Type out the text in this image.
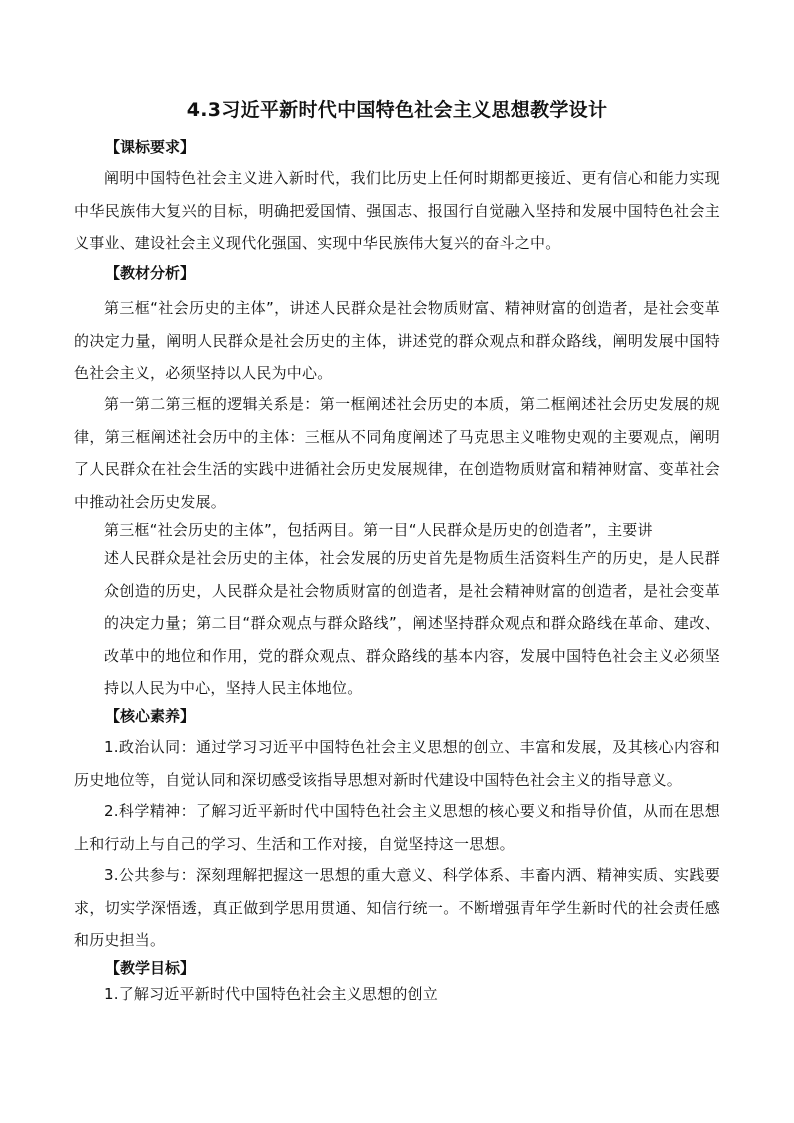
4.3习近平新时代中国特色社会主义思想教学设计
【课标要求】
阐明中国特色社会主义进入新时代，我们比历史上任何时期都更接近、更有信心和能力实现中华民族伟大复兴的目标，明确把爱国情、强国志、报国行自觉融入坚持和发展中国特色社会主义事业、建设社会主义现代化强国、实现中华民族伟大复兴的奋斗之中。
【教材分析】
第三框“社会历史的主体”，讲述人民群众是社会物质财富、精神财富的创造者，是社会变革的决定力量，阐明人民群众是社会历史的主体，讲述党的群众观点和群众路线，阐明发展中国特色社会主义，必须坚持以人民为中心。
第一第二第三框的逻辑关系是：第一框阐述社会历史的本质，第二框阐述社会历史发展的规律，第三框阐述社会历中的主体：三框从不同角度阐述了马克思主义唯物史观的主要观点，阐明了人民群众在社会生活的实践中进循社会历史发展规律，在创造物质财富和精神财富、变革社会中推动社会历史发展。
第三框“社会历史的主体”，包括两目。第一目“人民群众是历史的创造者”，主要讲
述人民群众是社会历史的主体，社会发展的历史首先是物质生活资料生产的历史，是人民群众创造的历史，人民群众是社会物质财富的创造者，是社会精神财富的创造者，是社会变革的决定力量；第二目“群众观点与群众路线”，阐述坚持群众观点和群众路线在革命、建改、改革中的地位和作用，党的群众观点、群众路线的基本内容，发展中国特色社会主义必须坚持以人民为中心，坚持人民主体地位。
【核心素养】
1.政治认同：通过学习习近平中国特色社会主义思想的创立、丰富和发展，及其核心内容和历史地位等，自觉认同和深切感受该指导思想对新时代建设中国特色社会主义的指导意义。
2.科学精神：了解习近平新时代中国特色社会主义思想的核心要义和指导价值，从而在思想上和行动上与自己的学习、生活和工作对接，自觉坚持这一思想。
3.公共参与：深刻理解把握这一思想的重大意义、科学体系、丰畜内洒、精神实质、实践要求，切实学深悟透，真正做到学思用贯通、知信行统一。不断增强青年学生新时代的社会责任感和历史担当。
【教学目标】
1.了解习近平新时代中国特色社会主义思想的创立
